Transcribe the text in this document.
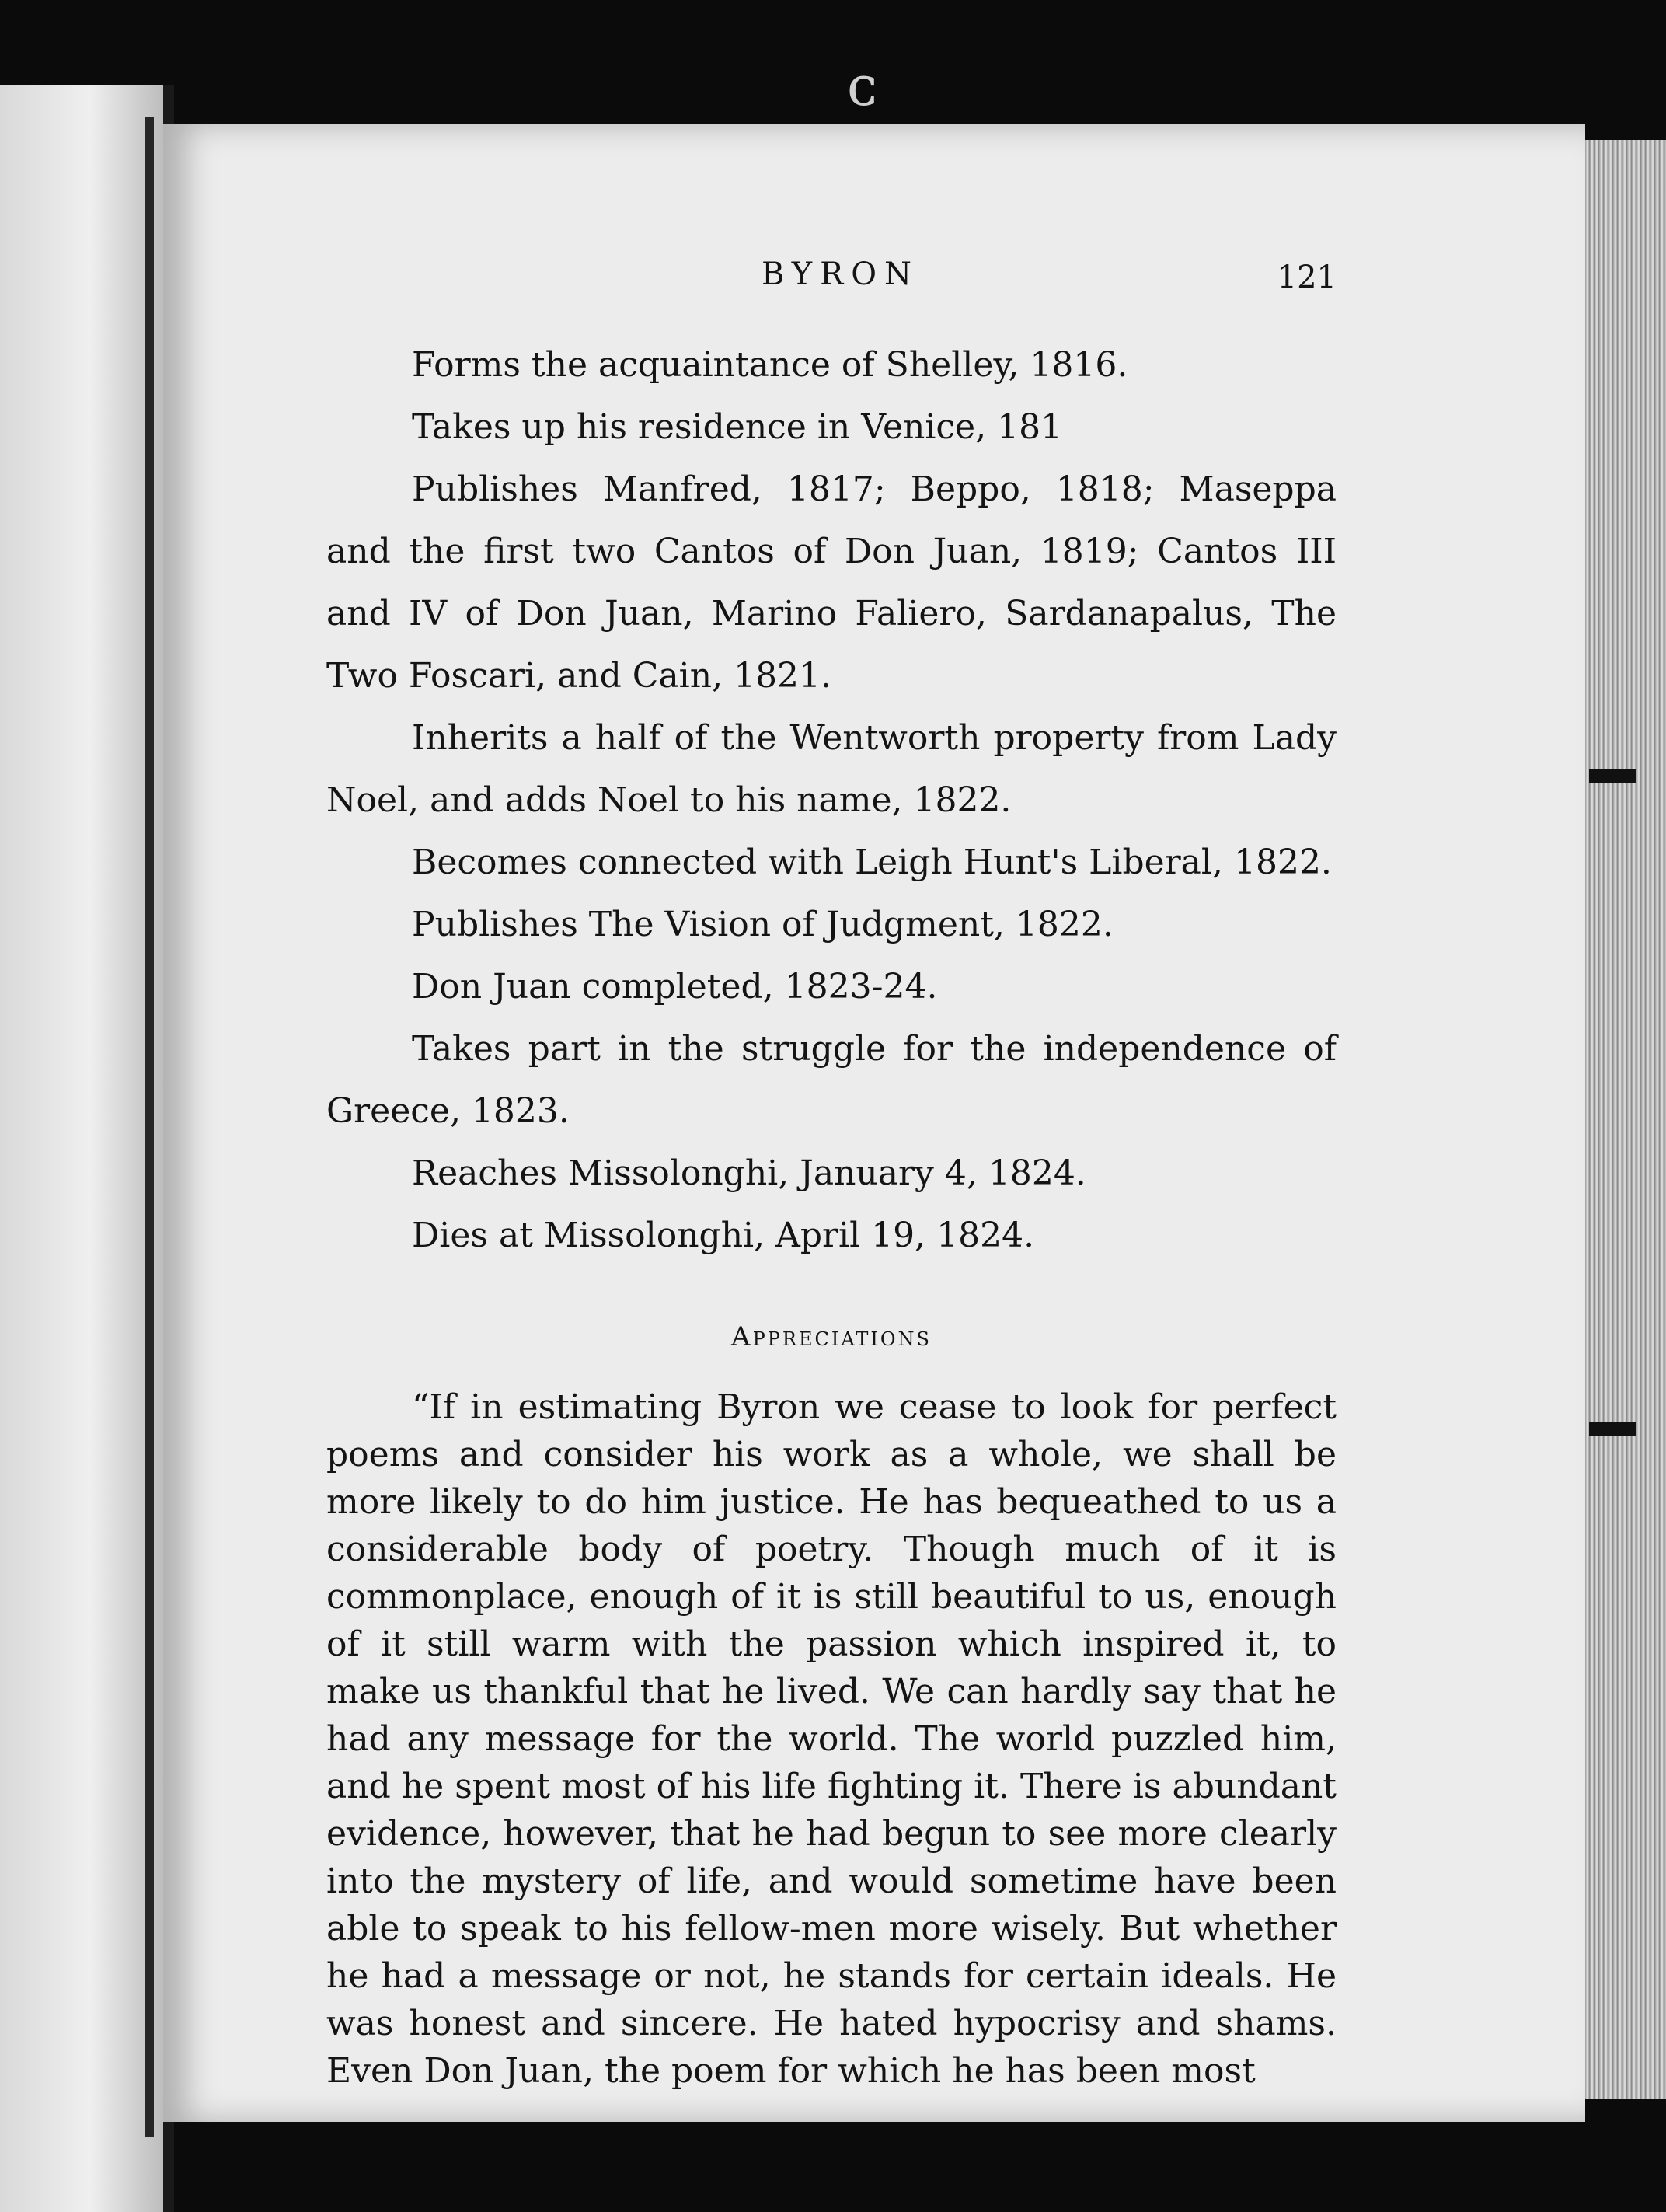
ᴄ
BYRON	121

Forms the acquaintance of Shelley, 1816.

Takes up his residence in Venice, 181

Publishes Manfred, 1817; Beppo, 1818; Maseppa and the first two Cantos of Don Juan, 1819; Cantos III and IV of Don Juan, Marino Faliero, Sardanapalus, The Two Foscari, and Cain, 1821.

Inherits a half of the Wentworth property from Lady Noel, and adds Noel to his name, 1822.

Becomes connected with Leigh Hunt's Liberal, 1822.

Publishes The Vision of Judgment, 1822.

Don Juan completed, 1823-24.

Takes part in the struggle for the independence of Greece, 1823.

Reaches Missolonghi, January 4, 1824.

Dies at Missolonghi, April 19, 1824.

Appreciations

“If in estimating Byron we cease to look for perfect poems and consider his work as a whole, we shall be more likely to do him justice. He has bequeathed to us a considerable body of poetry. Though much of it is commonplace, enough of it is still beautiful to us, enough of it still warm with the passion which inspired it, to make us thankful that he lived. We can hardly say that he had any message for the world. The world puzzled him, and he spent most of his life fighting it. There is abundant evidence, however, that he had begun to see more clearly into the mystery of life, and would sometime have been able to speak to his fellow-men more wisely. But whether he had a message or not, he stands for certain ideals. He was honest and sincere. He hated hypocrisy and shams. Even Don Juan, the poem for which he has been most
